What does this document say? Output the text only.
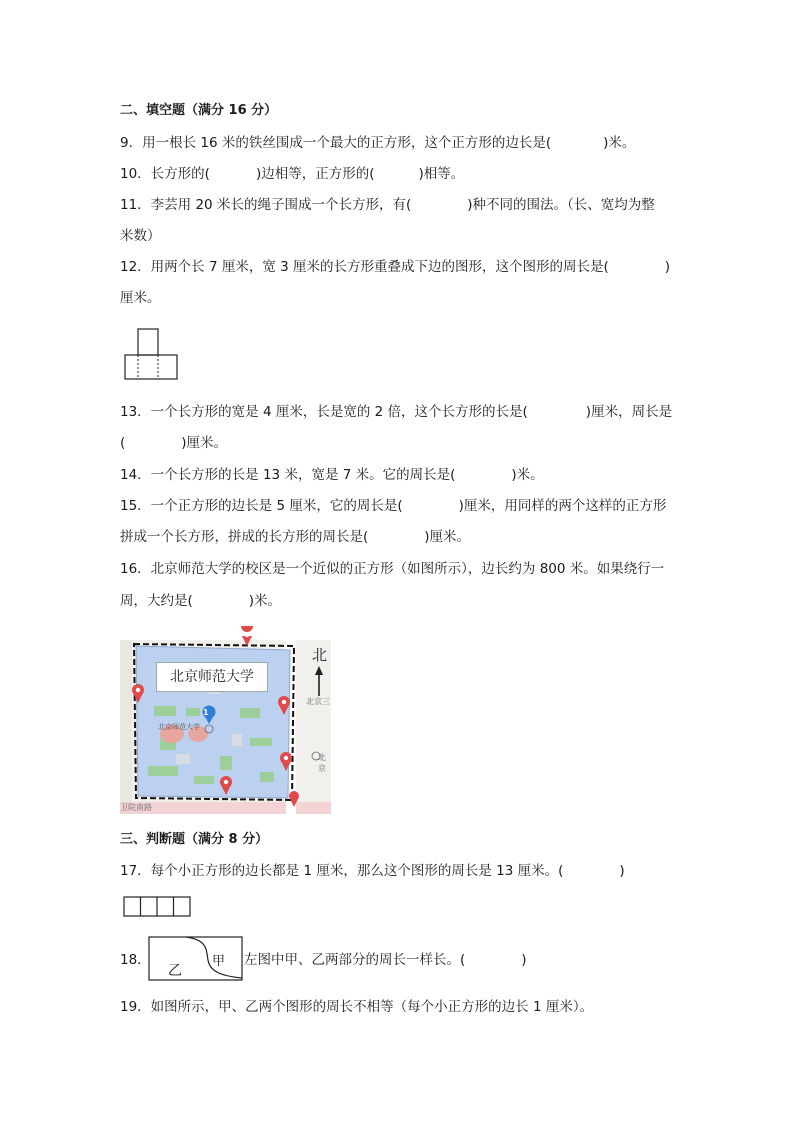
二、填空题（满分 16 分）
9．用一根长 16 米的铁丝围成一个最大的正方形，这个正方形的边长是(	)米。
10．长方形的(	)边相等，正方形的(	)相等。
11．李芸用 20 米长的绳子围成一个长方形，有(	)种不同的围法。（长、宽均为整
米数）
12．用两个长 7 厘米，宽 3 厘米的长方形重叠成下边的图形，这个图形的周长是(	)
厘米。
13．一个长方形的宽是 4 厘米，长是宽的 2 倍，这个长方形的长是(	)厘米，周长是
(	)厘米。
14．一个长方形的长是 13 米，宽是 7 米。它的周长是(	)米。
15．一个正方形的边长是 5 厘米，它的周长是(	)厘米，用同样的两个这样的正方形
拼成一个长方形，拼成的长方形的周长是(	)厘米。
16．北京师范大学的校区是一个近似的正方形（如图所示），边长约为 800 米。如果绕行一
周，大约是(	)米。
北京师范大学
北
1
北京师范大学
卫院南路
北京三
北京
三、判断题（满分 8 分）
17．每个小正方形的边长都是 1 厘米，那么这个图形的周长是 13 厘米。(	)
18．	甲
乙
左图中甲、乙两部分的周长一样长。(	)
19．如图所示，甲、乙两个图形的周长不相等（每个小正方形的边长 1 厘米）。
